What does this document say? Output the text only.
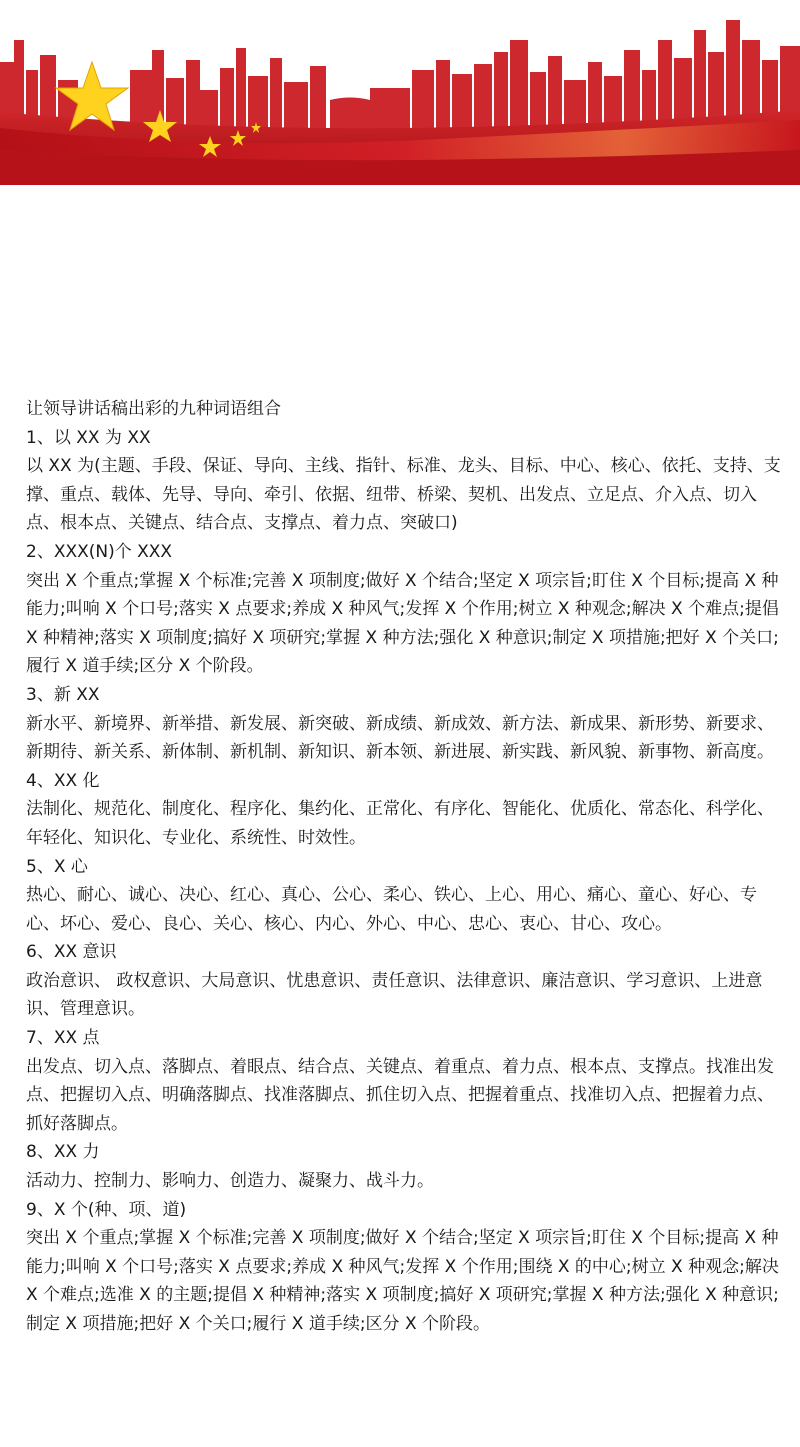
让领导讲话稿出彩的九种词语组合

1、以 XX 为 XX

以 XX 为(主题、手段、保证、导向、主线、指针、标准、龙头、目标、中心、核心、依托、支持、支撑、重点、载体、先导、导向、牵引、依据、纽带、桥梁、契机、出发点、立足点、介入点、切入点、根本点、关键点、结合点、支撑点、着力点、突破口)

2、XXX(N)个 XXX

突出 X 个重点;掌握 X 个标准;完善 X 项制度;做好 X 个结合;坚定 X 项宗旨;盯住 X 个目标;提高 X 种能力;叫响 X 个口号;落实 X 点要求;养成 X 种风气;发挥 X 个作用;树立 X 种观念;解决 X 个难点;提倡 X 种精神;落实 X 项制度;搞好 X 项研究;掌握 X 种方法;强化 X 种意识;制定 X 项措施;把好 X 个关口;履行 X 道手续;区分 X 个阶段。

3、新 XX

新水平、新境界、新举措、新发展、新突破、新成绩、新成效、新方法、新成果、新形势、新要求、新期待、新关系、新体制、新机制、新知识、新本领、新进展、新实践、新风貌、新事物、新高度。

4、XX 化

法制化、规范化、制度化、程序化、集约化、正常化、有序化、智能化、优质化、常态化、科学化、年轻化、知识化、专业化、系统性、时效性。

5、X 心

热心、耐心、诚心、决心、红心、真心、公心、柔心、铁心、上心、用心、痛心、童心、好心、专心、坏心、爱心、良心、关心、核心、内心、外心、中心、忠心、衷心、甘心、攻心。

6、XX 意识

政治意识、 政权意识、大局意识、忧患意识、责任意识、法律意识、廉洁意识、学习意识、上进意识、管理意识。

7、XX 点

出发点、切入点、落脚点、着眼点、结合点、关键点、着重点、着力点、根本点、支撑点。找准出发点、把握切入点、明确落脚点、找准落脚点、抓住切入点、把握着重点、找准切入点、把握着力点、抓好落脚点。

8、XX 力

活动力、控制力、影响力、创造力、凝聚力、战斗力。

9、X 个(种、项、道)

突出 X 个重点;掌握 X 个标准;完善 X 项制度;做好 X 个结合;坚定 X 项宗旨;盯住 X 个目标;提高 X 种能力;叫响 X 个口号;落实 X 点要求;养成 X 种风气;发挥 X 个作用;围绕 X 的中心;树立 X 种观念;解决 X 个难点;选准 X 的主题;提倡 X 种精神;落实 X 项制度;搞好 X 项研究;掌握 X 种方法;强化 X 种意识;制定 X 项措施;把好 X 个关口;履行 X 道手续;区分 X 个阶段。
